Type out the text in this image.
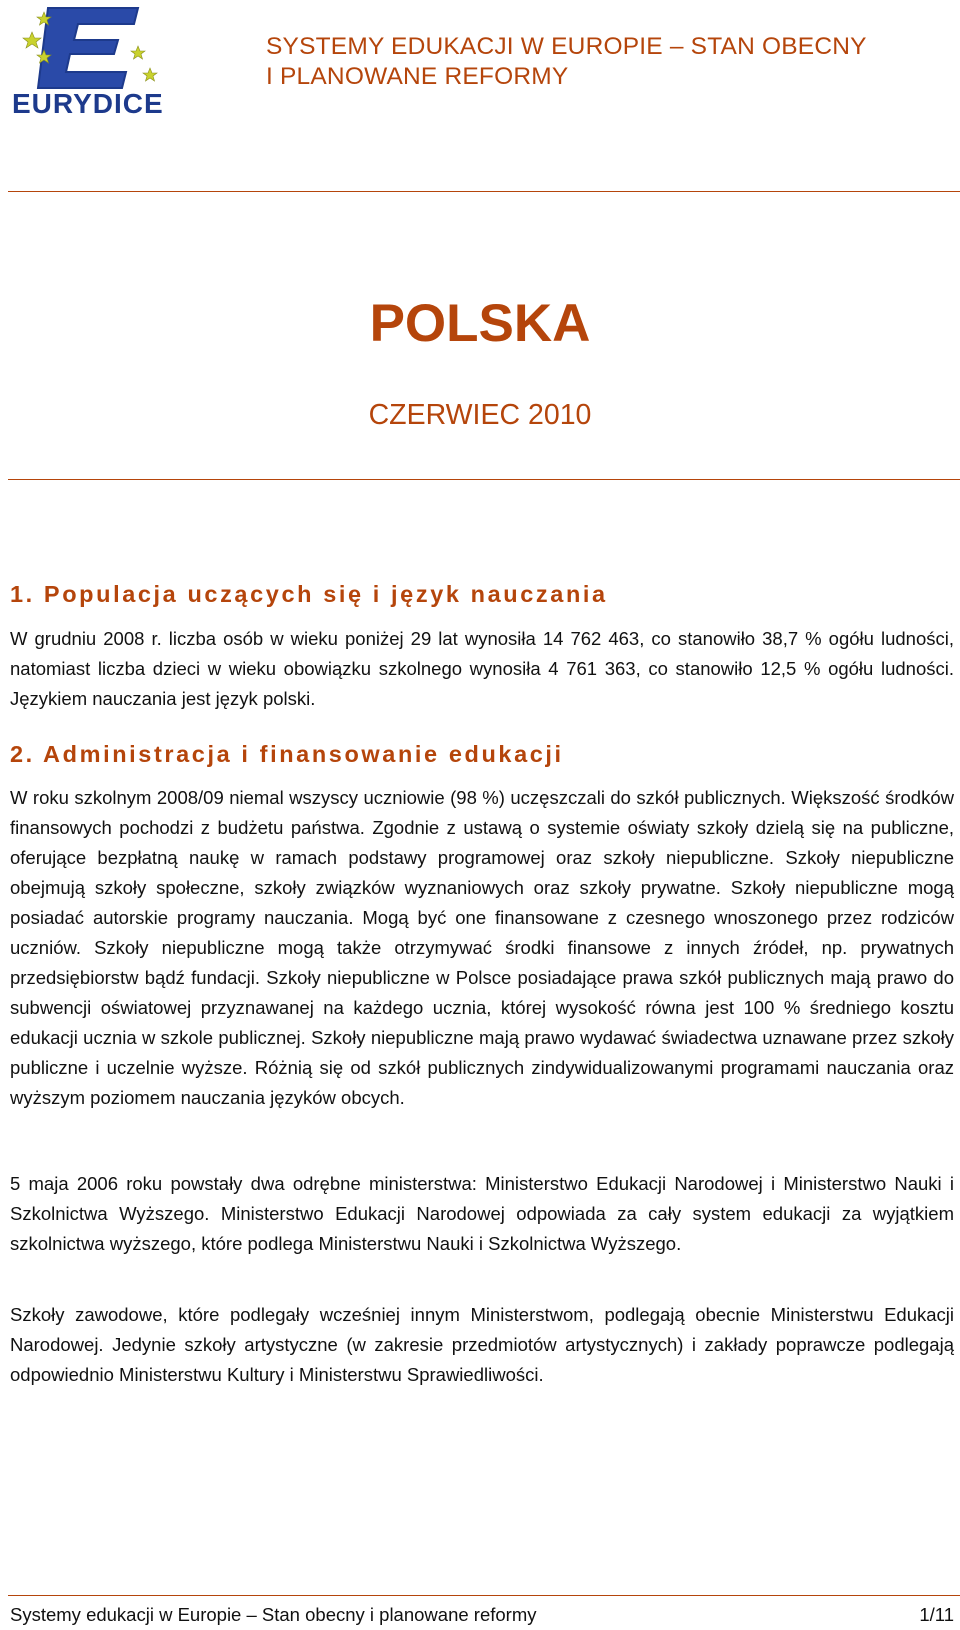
EURYDICE
SYSTEMY EDUKACJI W EUROPIE – STAN OBECNY
I PLANOWANE REFORMY
POLSKA
CZERWIEC 2010
1. Populacja uczących się i język nauczania
W grudniu 2008 r. liczba osób w wieku poniżej 29 lat wynosiła 14 762 463, co stanowiło 38,7 % ogółu ludności, natomiast liczba dzieci w wieku obowiązku szkolnego wynosiła 4 761 363, co stanowiło 12,5 % ogółu ludności. Językiem nauczania jest język polski.
2. Administracja i finansowanie edukacji
W roku szkolnym 2008/09 niemal wszyscy uczniowie (98 %) uczęszczali do szkół publicznych. Większość środków finansowych pochodzi z budżetu państwa. Zgodnie z ustawą o systemie oświaty szkoły dzielą się na publiczne, oferujące bezpłatną naukę w ramach podstawy programowej oraz szkoły niepubliczne. Szkoły niepubliczne obejmują szkoły społeczne, szkoły związków wyznaniowych oraz szkoły prywatne. Szkoły niepubliczne mogą posiadać autorskie programy nauczania. Mogą być one finansowane z czesnego wnoszonego przez rodziców uczniów. Szkoły niepubliczne mogą także otrzymywać środki finansowe z innych źródeł, np. prywatnych przedsiębiorstw bądź fundacji. Szkoły niepubliczne w Polsce posiadające prawa szkół publicznych mają prawo do subwencji oświatowej przyznawanej na każdego ucznia, której wysokość równa jest 100 % średniego kosztu edukacji ucznia w szkole publicznej. Szkoły niepubliczne mają prawo wydawać świadectwa uznawane przez szkoły publiczne i uczelnie wyższe. Różnią się od szkół publicznych zindywidualizowanymi programami nauczania oraz wyższym poziomem nauczania języków obcych.
5 maja 2006 roku powstały dwa odrębne ministerstwa: Ministerstwo Edukacji Narodowej i Ministerstwo Nauki i Szkolnictwa Wyższego. Ministerstwo Edukacji Narodowej odpowiada za cały system edukacji za wyjątkiem szkolnictwa wyższego, które podlega Ministerstwu Nauki i Szkolnictwa Wyższego.
Szkoły zawodowe, które podlegały wcześniej innym Ministerstwom, podlegają obecnie Ministerstwu Edukacji Narodowej. Jedynie szkoły artystyczne (w zakresie przedmiotów artystycznych) i zakłady poprawcze podlegają odpowiednio Ministerstwu Kultury i Ministerstwu Sprawiedliwości.
Systemy edukacji w Europie – Stan obecny i planowane reformy	1/11
